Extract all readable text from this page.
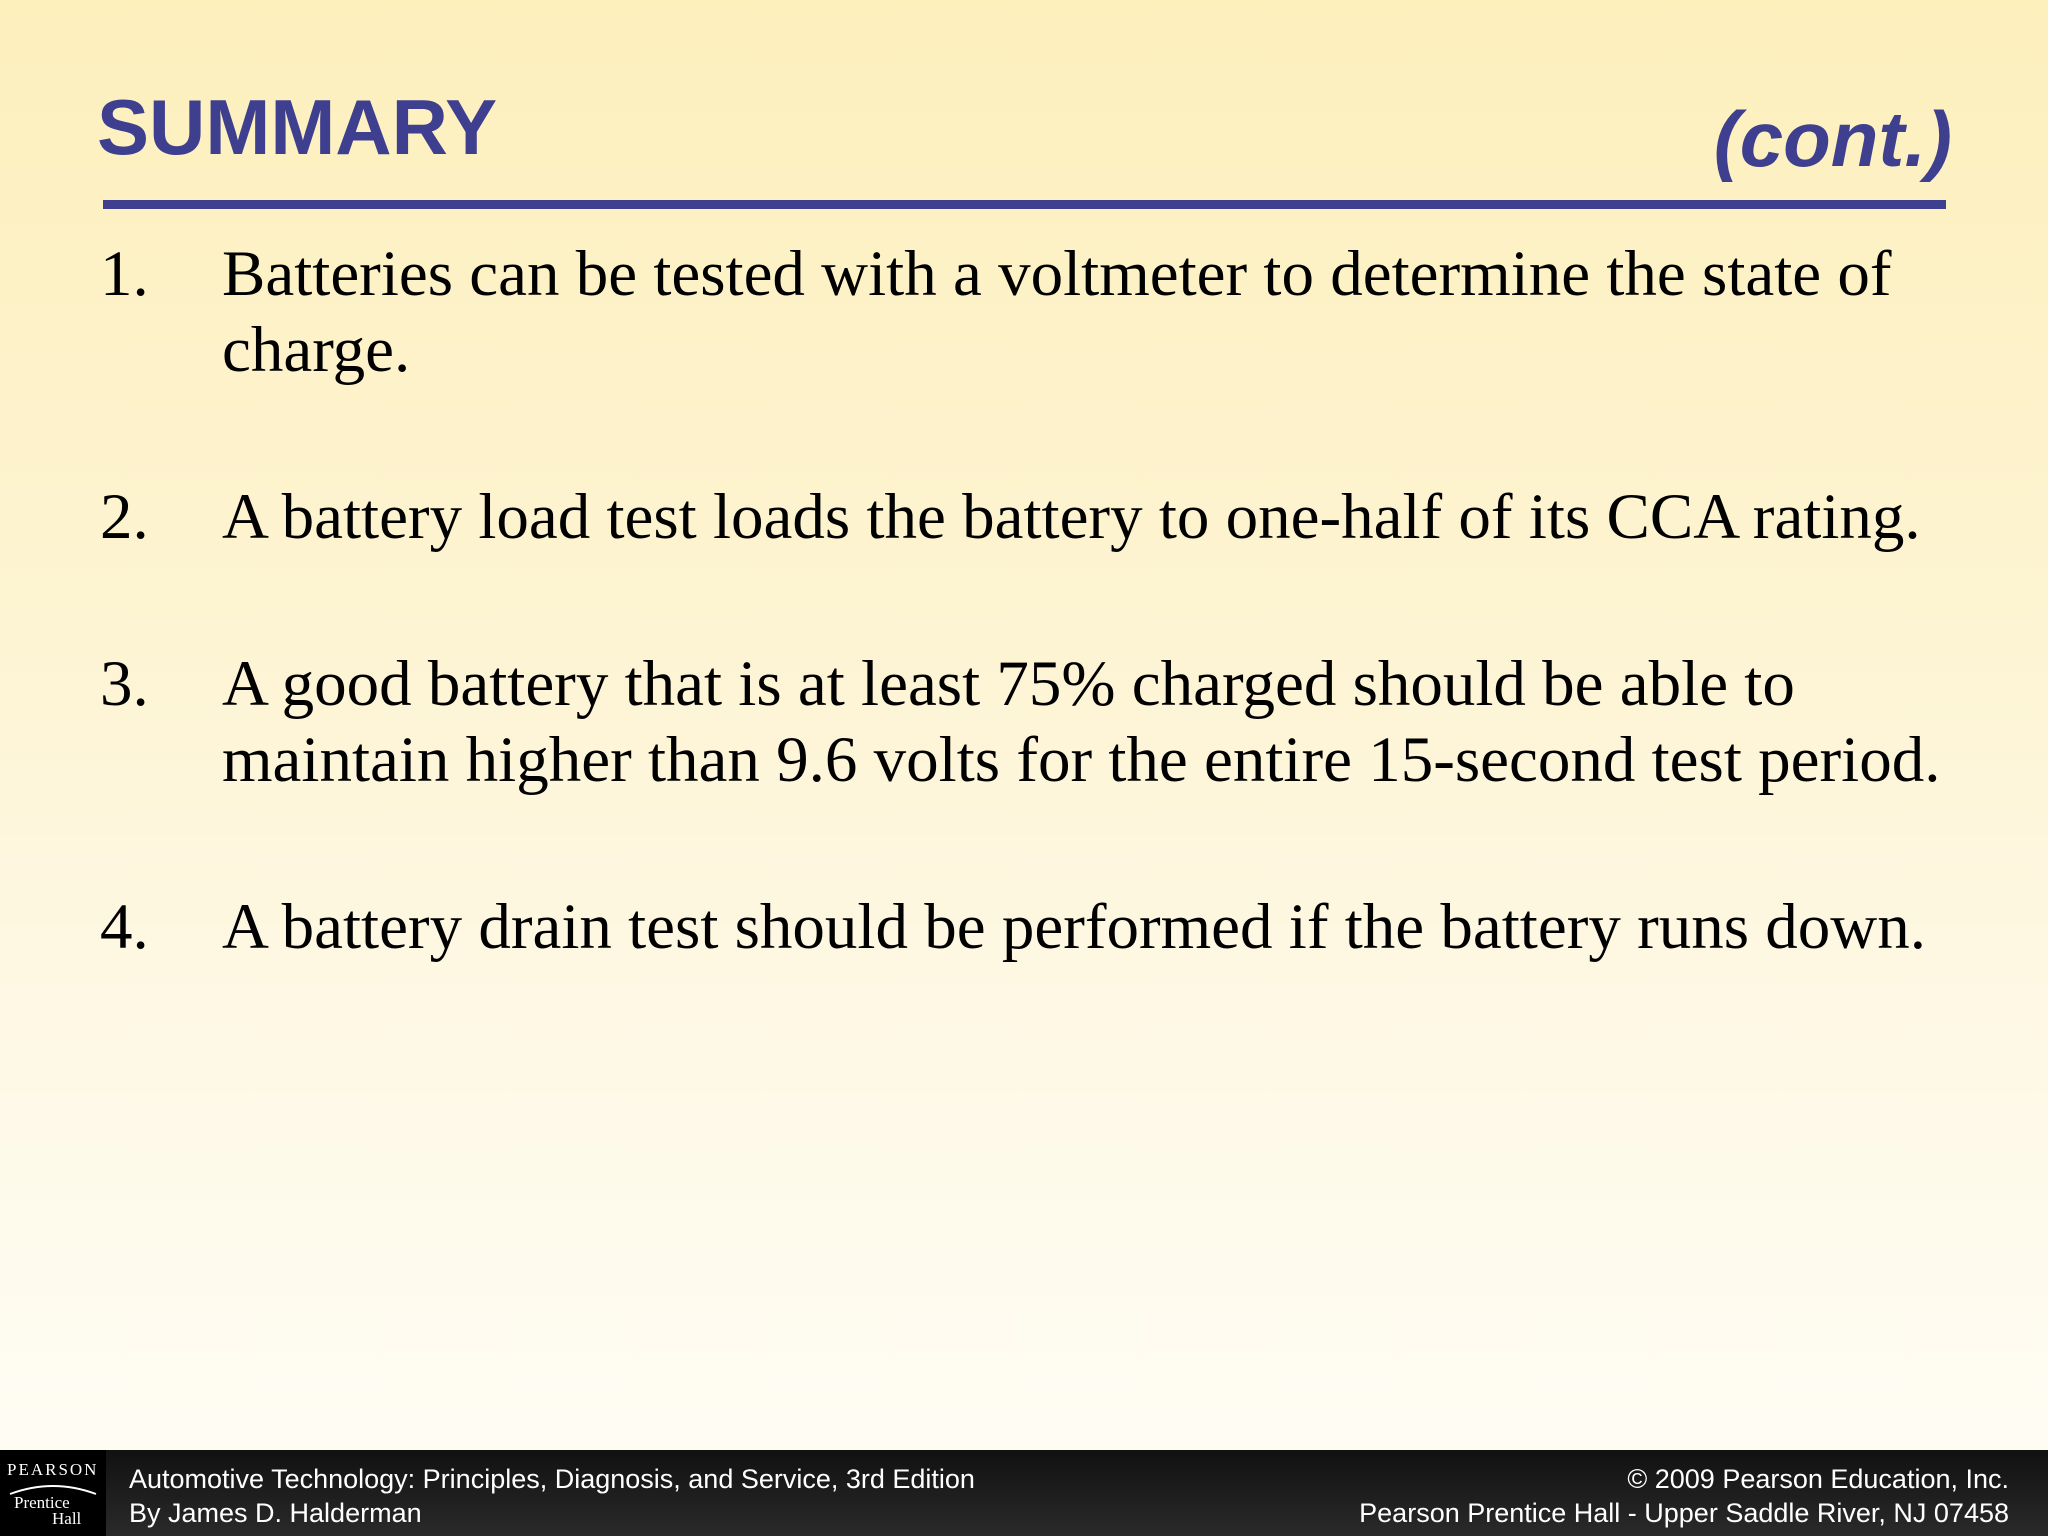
SUMMARY	(cont.)
1. Batteries can be tested with a voltmeter to determine the state of charge.
2. A battery load test loads the battery to one-half of its CCA rating.
3. A good battery that is at least 75% charged should be able to maintain higher than 9.6 volts for the entire 15-second test period.
4. A battery drain test should be performed if the battery runs down.
PEARSON
Prentice
Hall
Automotive Technology: Principles, Diagnosis, and Service, 3rd Edition
By James D. Halderman
© 2009 Pearson Education, Inc.
Pearson Prentice Hall - Upper Saddle River, NJ 07458
